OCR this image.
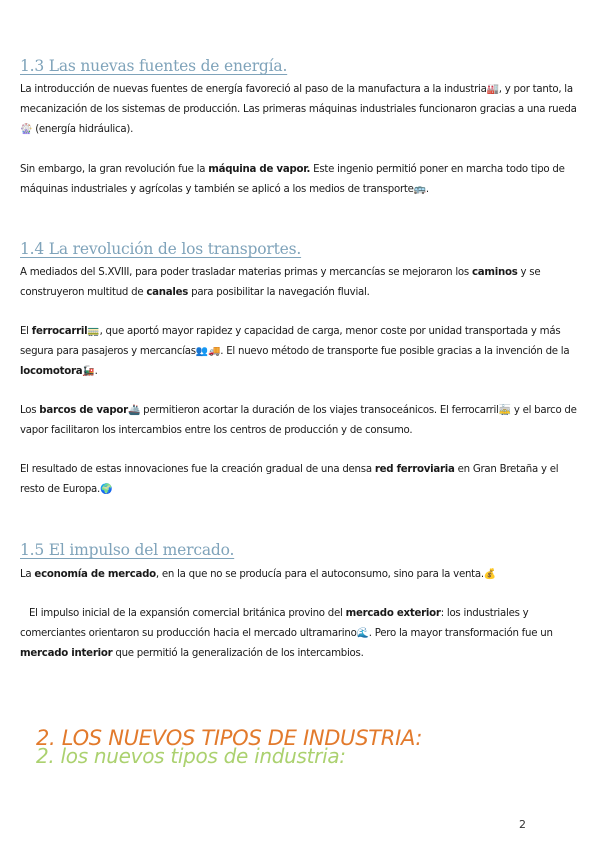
1.3 Las nuevas fuentes de energía.

La introducción de nuevas fuentes de energía favoreció al paso de la manufactura a la industria🏭, y por tanto, la mecanización de los sistemas de producción. Las primeras máquinas industriales funcionaron gracias a una rueda🎡 (energía hidráulica).

Sin embargo, la gran revolución fue la máquina de vapor. Este ingenio permitió poner en marcha todo tipo de máquinas industriales y agrícolas y también se aplicó a los medios de transporte🚌.

1.4 La revolución de los transportes.

A mediados del S.XVIII, para poder trasladar materias primas y mercancías se mejoraron los caminos y se construyeron multitud de canales para posibilitar la navegación fluvial.

El ferrocarril🚃, que aportó mayor rapidez y capacidad de carga, menor coste por unidad transportada y más segura para pasajeros y mercancías👥🚚. El nuevo método de transporte fue posible gracias a la invención de la locomotora🚂.

Los barcos de vapor🚢 permitieron acortar la duración de los viajes transoceánicos. El ferrocarril🚋 y el barco de vapor facilitaron los intercambios entre los centros de producción y de consumo.

El resultado de estas innovaciones fue la creación gradual de una densa red ferroviaria en Gran Bretaña y el resto de Europa.🌍

1.5 El impulso del mercado.

La economía de mercado, en la que no se producía para el autoconsumo, sino para la venta.💰

El impulso inicial de la expansión comercial británica provino del mercado exterior: los industriales y comerciantes orientaron su producción hacia el mercado ultramarino🌊. Pero la mayor transformación fue un mercado interior que permitió la generalización de los intercambios.

2. los nuevos tipos de industria:
2. LOS NUEVOS TIPOS DE INDUSTRIA:
2
